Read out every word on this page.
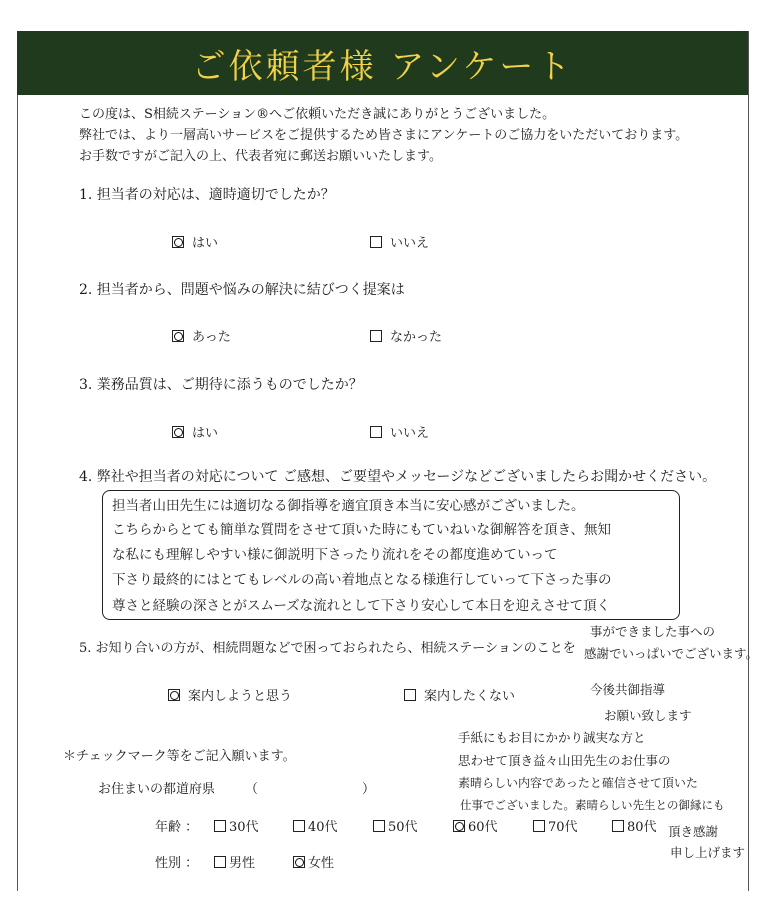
ご依頼者様 アンケート
この度は、S相続ステーション®へご依頼いただき誠にありがとうございました。
弊社では、より一層高いサービスをご提供するため皆さまにアンケートのご協力をいただいております。
お手数ですがご記入の上、代表者宛に郵送お願いいたします。
1. 担当者の対応は、適時適切でしたか？
はい	いいえ
2. 担当者から、問題や悩みの解決に結びつく提案は
あった	なかった
3. 業務品質は、ご期待に添うものでしたか？
はい	いいえ
4. 弊社や担当者の対応について ご感想、ご要望やメッセージなどございましたらお聞かせください。
担当者山田先生には適切なる御指導を適宜頂き本当に安心感がございました。
こちらからとても簡単な質問をさせて頂いた時にもていねいな御解答を頂き、無知
な私にも理解しやすい様に御説明下さったり流れをその都度進めていって
下さり最終的にはとてもレベルの高い着地点となる様進行していって下さった事の
尊さと経験の深さとがスムーズな流れとして下さり安心して本日を迎えさせて頂く
事ができました事への
感謝でいっぱいでございます。
今後共御指導
お願い致します
5. お知り合いの方が、相続問題などで困っておられたら、相続ステーションのことを
案内しようと思う	案内したくない
手紙にもお目にかかり誠実な方と
思わせて頂き益々山田先生のお仕事の
素晴らしい内容であったと確信させて頂いた
仕事でございました。素晴らしい先生との御縁にも
頂き感謝
申し上げます
＊チェックマーク等をご記入願います。
お住まいの都道府県 （　　　　　　　　）
年齢 ： 30代	40代	50代	60代	70代	80代
性別 ： 男性	女性
